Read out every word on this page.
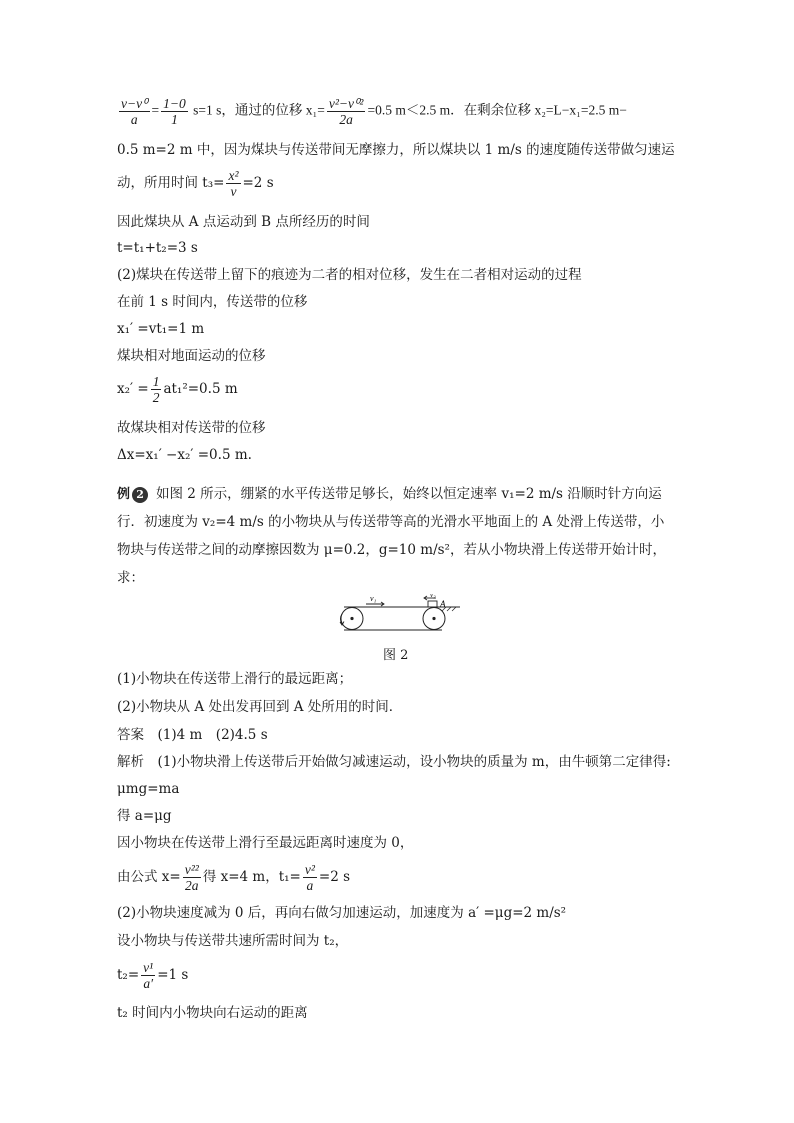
$\frac{\text{v−v⁰}}{a} = \frac{1-0}{1} s=1$ s，通过的位移 $x_1= \frac{\text{v²−v⁰²}}{2a} =0.5$ m＜2.5 m．在剩余位移 x₂=L−x₁=2.5 m−
0.5 m=2 m 中，因为煤块与传送带间无摩擦力，所以煤块以 1 m/s 的速度随传送带做匀速运
动，所用时间 $t_3= \frac{\text{x²}}{v} =2$ s
因此煤块从 A 点运动到 B 点所经历的时间
t=t₁+t₂=3 s
(2)煤块在传送带上留下的痕迹为二者的相对位移，发生在二者相对运动的过程
在前 1 s 时间内，传送带的位移
x₁′ =vt₁=1 m
煤块相对地面运动的位移
$x_2' = \frac{1}{2} at_1^2=0.5$ m
故煤块相对传送带的位移
Δx=x₁′ −x₂′ =0.5 m.
例 2 如图 2 所示，绷紧的水平传送带足够长，始终以恒定速率 v₁=2 m/s 沿顺时针方向运
行．初速度为 v₂=4 m/s 的小物块从与传送带等高的光滑水平地面上的 A 处滑上传送带，小
物块与传送带之间的动摩擦因数为 μ=0.2，g=10 m/s²，若从小物块滑上传送带开始计时，
求：
v₁	v₂
A
图 2
(1)小物块在传送带上滑行的最远距离；
(2)小物块从 A 处出发再回到 A 处所用的时间．
答案　(1)4 m　(2)4.5 s
解析　(1)小物块滑上传送带后开始做匀减速运动，设小物块的质量为 m，由牛顿第二定律得:
μmg=ma
得 a=μg
因小物块在传送带上滑行至最远距离时速度为 0，
由公式 $x= \frac{\text{v²²}}{2a}$ 得 x=4 m，$t_1= \frac{\text{v²}}{a} =2$ s
(2)小物块速度减为 0 后，再向右做匀加速运动，加速度为 a′ =μg=2 m/s²
设小物块与传送带共速所需时间为 t₂，
$t_2= \frac{\text{v¹}}{a'} =1$ s
t₂ 时间内小物块向右运动的距离
